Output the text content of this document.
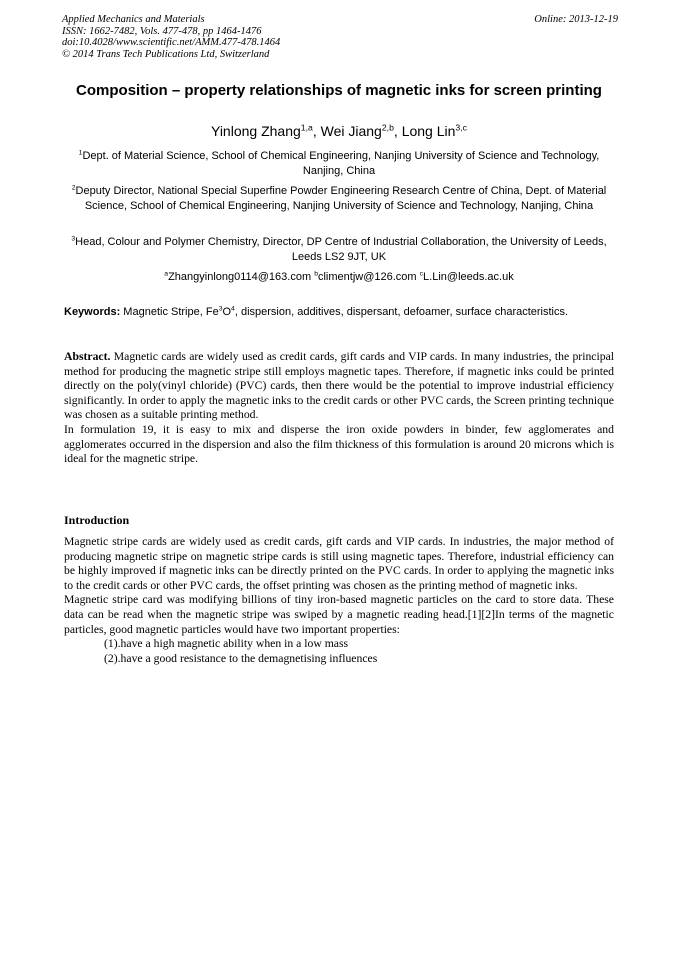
Applied Mechanics and Materials
ISSN: 1662-7482, Vols. 477-478, pp 1464-1476
doi:10.4028/www.scientific.net/AMM.477-478.1464
© 2014 Trans Tech Publications Ltd, Switzerland
Online: 2013-12-19
Composition – property relationships of magnetic inks for screen printing
Yinlong Zhang$^{1,a}$, Wei Jiang$^{2,b}$, Long Lin$^{3,c}$
$^1$Dept. of Material Science, School of Chemical Engineering, Nanjing University of Science and Technology, Nanjing, China
$^2$Deputy Director, National Special Superfine Powder Engineering Research Centre of China, Dept. of Material Science, School of Chemical Engineering, Nanjing University of Science and Technology, Nanjing, China
$^3$Head, Colour and Polymer Chemistry, Director, DP Centre of Industrial Collaboration, the University of Leeds, Leeds LS2 9JT, UK
$^a$Zhangyinlong0114@163.com $^b$climentjw@126.com $^c$L.Lin@leeds.ac.uk
Keywords: Magnetic Stripe, $Fe^3O^4$, dispersion, additives, dispersant, defoamer, surface characteristics.

Abstract. Magnetic cards are widely used as credit cards, gift cards and VIP cards. In many industries, the principal method for producing the magnetic stripe still employs magnetic tapes. Therefore, if magnetic inks could be printed directly on the poly(vinyl chloride) (PVC) cards, then there would be the potential to improve industrial efficiency significantly. In order to apply the magnetic inks to the credit cards or other PVC cards, the Screen printing technique was chosen as a suitable printing method.

In formulation 19, it is easy to mix and disperse the iron oxide powders in binder, few agglomerates and agglomerates occurred in the dispersion and also the film thickness of this formulation is around 20 microns which is ideal for the magnetic stripe.

Introduction

Magnetic stripe cards are widely used as credit cards, gift cards and VIP cards. In industries, the major method of producing magnetic stripe on magnetic stripe cards is still using magnetic tapes. Therefore, industrial efficiency can be highly improved if magnetic inks can be directly printed on the PVC cards. In order to applying the magnetic inks to the credit cards or other PVC cards, the offset printing was chosen as the printing method of magnetic inks.

Magnetic stripe card was modifying billions of tiny iron-based magnetic particles on the card to store data. These data can be read when the magnetic stripe was swiped by a magnetic reading head.[1][2]In terms of the magnetic particles, good magnetic particles would have two important properties:

(1).have a high magnetic ability when in a low mass

(2).have a good resistance to the demagnetising influences
